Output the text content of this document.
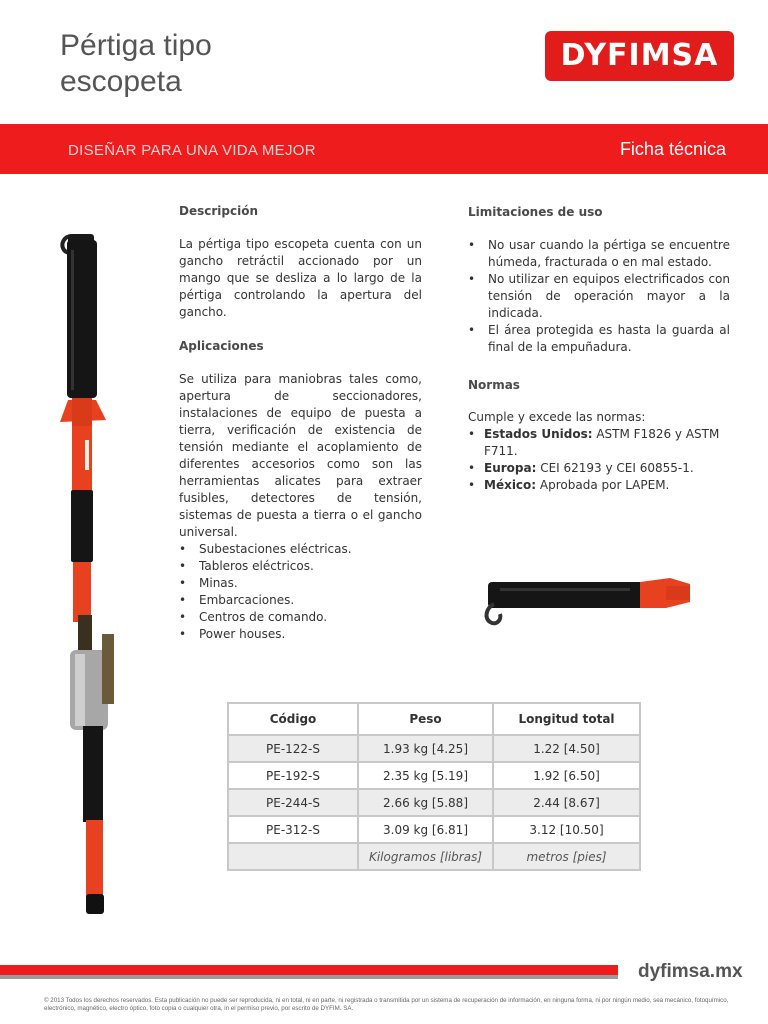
Pértiga tipo
escopeta
DYFIMSA
DISEÑAR PARA UNA VIDA MEJOR	Ficha técnica
Descripción

La pértiga tipo escopeta cuenta con un gancho retráctil accionado por un mango que se desliza a lo largo de la pértiga controlando la apertura del gancho.

Aplicaciones

Se utiliza para maniobras tales como, apertura de seccionadores, instalaciones de equipo de puesta a tierra, verificación de existencia de tensión mediante el acoplamiento de diferentes accesorios como son las herramientas alicates para extraer fusibles, detectores de tensión, sistemas de puesta a tierra o el gancho universal.

• Subestaciones eléctricas.
• Tableros eléctricos.
• Minas.
• Embarcaciones.
• Centros de comando.
• Power houses.
Limitaciones de uso
• No usar cuando la pértiga se encuentre húmeda, fracturada o en mal estado.
• No utilizar en equipos electrificados con tensión de operación mayor a la indicada.
• El área protegida es hasta la guarda al final de la empuñadura.
Normas

Cumple y excede las normas:

• Estados Unidos: ASTM F1826 y ASTM F711.
• Europa: CEI 62193 y CEI 60855-1.
• México: Aprobada por LAPEM.
Código	Peso	Longitud total
PE-122-S	1.93 kg [4.25]	1.22 [4.50]
PE-192-S	2.35 kg [5.19]	1.92 [6.50]
PE-244-S	2.66 kg [5.88]	2.44 [8.67]
PE-312-S	3.09 kg [6.81]	3.12 [10.50]
	Kilogramos [libras]	metros [pies]
dyfimsa.mx
© 2013 Todos los derechos reservados. Esta publicación no puede ser reproducida, ni en total, ni en parte, ni registrada o transmitida por un sistema de recuperación de información, en ninguna forma, ni por ningún medio, sea mecánico, fotoquímico, electrónico, magnético, electro óptico, foto copia o cualquier otra, in el permiso previo, por escrito de DYFIM. SA.
